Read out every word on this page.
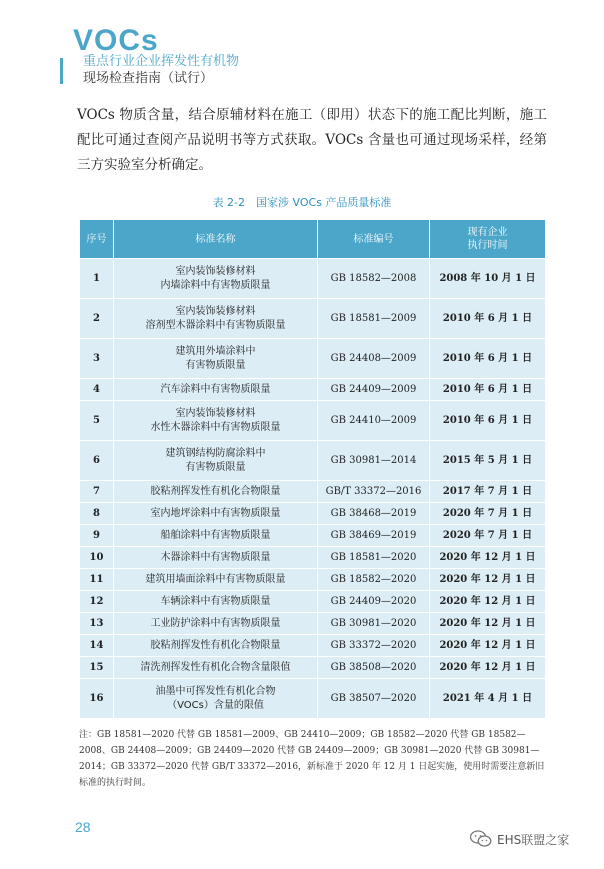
VOCs
重点行业企业挥发性有机物
现场检查指南（试行）
VOCs 物质含量，结合原辅材料在施工（即用）状态下的施工配比判断，施工配比可通过查阅产品说明书等方式获取。VOCs 含量也可通过现场采样，经第三方实验室分析确定。
表 2-2　国家涉 VOCs 产品质量标准
序号	标准名称	标准编号	现有企业
执行时间

1	室内装饰装修材料
内墙涂料中有害物质限量	GB 18582—2008	2008 年 10 月 1 日
2	室内装饰装修材料
溶剂型木器涂料中有害物质限量	GB 18581—2009	2010 年 6 月 1 日
3	建筑用外墙涂料中
有害物质限量	GB 24408—2009	2010 年 6 月 1 日
4	汽车涂料中有害物质限量	GB 24409—2009	2010 年 6 月 1 日
5	室内装饰装修材料
水性木器涂料中有害物质限量	GB 24410—2009	2010 年 6 月 1 日
6	建筑钢结构防腐涂料中
有害物质限量	GB 30981—2014	2015 年 5 月 1 日
7	胶粘剂挥发性有机化合物限量	GB/T 33372—2016	2017 年 7 月 1 日
8	室内地坪涂料中有害物质限量	GB 38468—2019	2020 年 7 月 1 日
9	船舶涂料中有害物质限量	GB 38469—2019	2020 年 7 月 1 日
10	木器涂料中有害物质限量	GB 18581—2020	2020 年 12 月 1 日
11	建筑用墙面涂料中有害物质限量	GB 18582—2020	2020 年 12 月 1 日
12	车辆涂料中有害物质限量	GB 24409—2020	2020 年 12 月 1 日
13	工业防护涂料中有害物质限量	GB 30981—2020	2020 年 12 月 1 日
14	胶粘剂挥发性有机化合物限量	GB 33372—2020	2020 年 12 月 1 日
15	清洗剂挥发性有机化合物含量限值	GB 38508—2020	2020 年 12 月 1 日
16	油墨中可挥发性有机化合物
（VOCs）含量的限值	GB 38507—2020	2021 年 4 月 1 日
注：GB 18581—2020 代替 GB 18581—2009、GB 24410—2009；GB 18582—2020 代替 GB 18582—2008、GB 24408—2009；GB 24409—2020 代替 GB 24409—2009；GB 30981—2020 代替 GB 30981—2014；GB 33372—2020 代替 GB/T 33372—2016，新标准于 2020 年 12 月 1 日起实施，使用时需要注意新旧标准的执行时间。
28
EHS联盟之家
